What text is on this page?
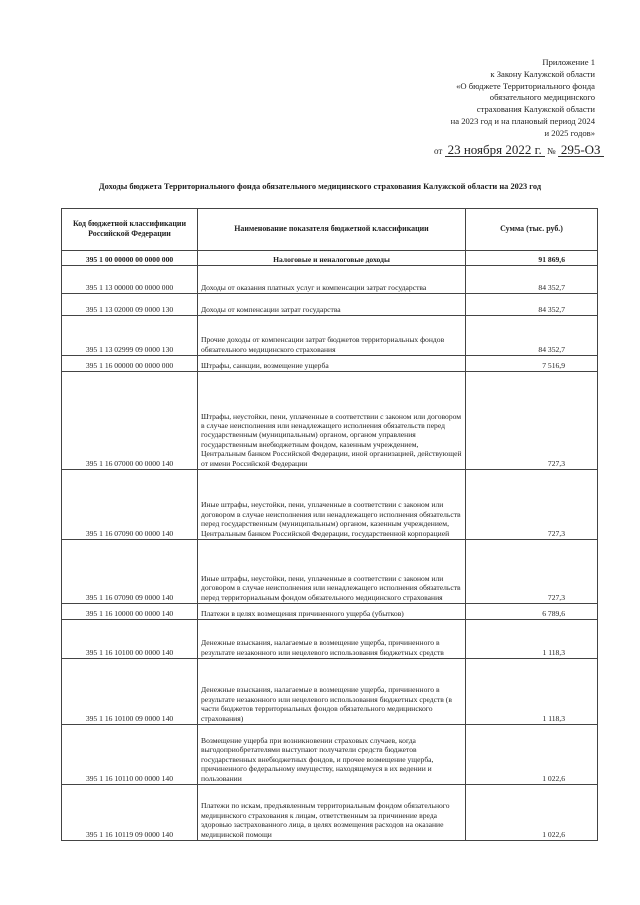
Приложение 1
к Закону Калужской области
«О бюджете Территориального фонда
обязательного медицинского
страхования Калужской области
на 2023 год и на плановый период 2024
и 2025 годов»
от 23 ноября 2022 г. № 295-ОЗ
Доходы бюджета Территориального фонда обязательного медицинского страхования Калужской области на 2023 год
Код бюджетной классификации Российской Федерации	Наименование показателя бюджетной классификации	Сумма (тыс. руб.)
395 1 00 00000 00 0000 000	Налоговые и неналоговые доходы	91 869,6
395 1 13 00000 00 0000 000	Доходы от оказания платных услуг и компенсации затрат государства	84 352,7
395 1 13 02000 09 0000 130	Доходы от компенсации затрат государства	84 352,7
395 1 13 02999 09 0000 130	Прочие доходы от компенсации затрат бюджетов территориальных фондов обязательного медицинского страхования	84 352,7
395 1 16 00000 00 0000 000	Штрафы, санкции, возмещение ущерба	7 516,9
395 1 16 07000 00 0000 140	Штрафы, неустойки, пени, уплаченные в соответствии с законом или договором в случае неисполнения или ненадлежащего исполнения обязательств перед государственным (муниципальным) органом, органом управления государственным внебюджетным фондом, казенным учреждением, Центральным банком Российской Федерации, иной организацией, действующей от имени Российской Федерации	727,3
395 1 16 07090 00 0000 140	Иные штрафы, неустойки, пени, уплаченные в соответствии с законом или договором в случае неисполнения или ненадлежащего исполнения обязательств перед государственным (муниципальным) органом, казенным учреждением, Центральным банком Российской Федерации, государственной корпорацией	727,3
395 1 16 07090 09 0000 140	Иные штрафы, неустойки, пени, уплаченные в соответствии с законом или договором в случае неисполнения или ненадлежащего исполнения обязательств перед территориальным фондом обязательного медицинского страхования	727,3
395 1 16 10000 00 0000 140	Платежи в целях возмещения причиненного ущерба (убытков)	6 789,6
395 1 16 10100 00 0000 140	Денежные взыскания, налагаемые в возмещение ущерба, причиненного в результате незаконного или нецелевого использования бюджетных средств	1 118,3
395 1 16 10100 09 0000 140	Денежные взыскания, налагаемые в возмещение ущерба, причиненного в результате незаконного или нецелевого использования бюджетных средств (в части бюджетов территориальных фондов обязательного медицинского страхования)	1 118,3
395 1 16 10110 00 0000 140	Возмещение ущерба при возникновении страховых случаев, когда выгодоприобретателями выступают получатели средств бюджетов государственных внебюджетных фондов, и прочее возмещение ущерба, причиненного федеральному имуществу, находящемуся в их ведении и пользовании	1 022,6
395 1 16 10119 09 0000 140	Платежи по искам, предъявленным территориальным фондом обязательного медицинского страхования к лицам, ответственным за причинение вреда здоровью застрахованного лица, в целях возмещения расходов на оказание медицинской помощи	1 022,6
